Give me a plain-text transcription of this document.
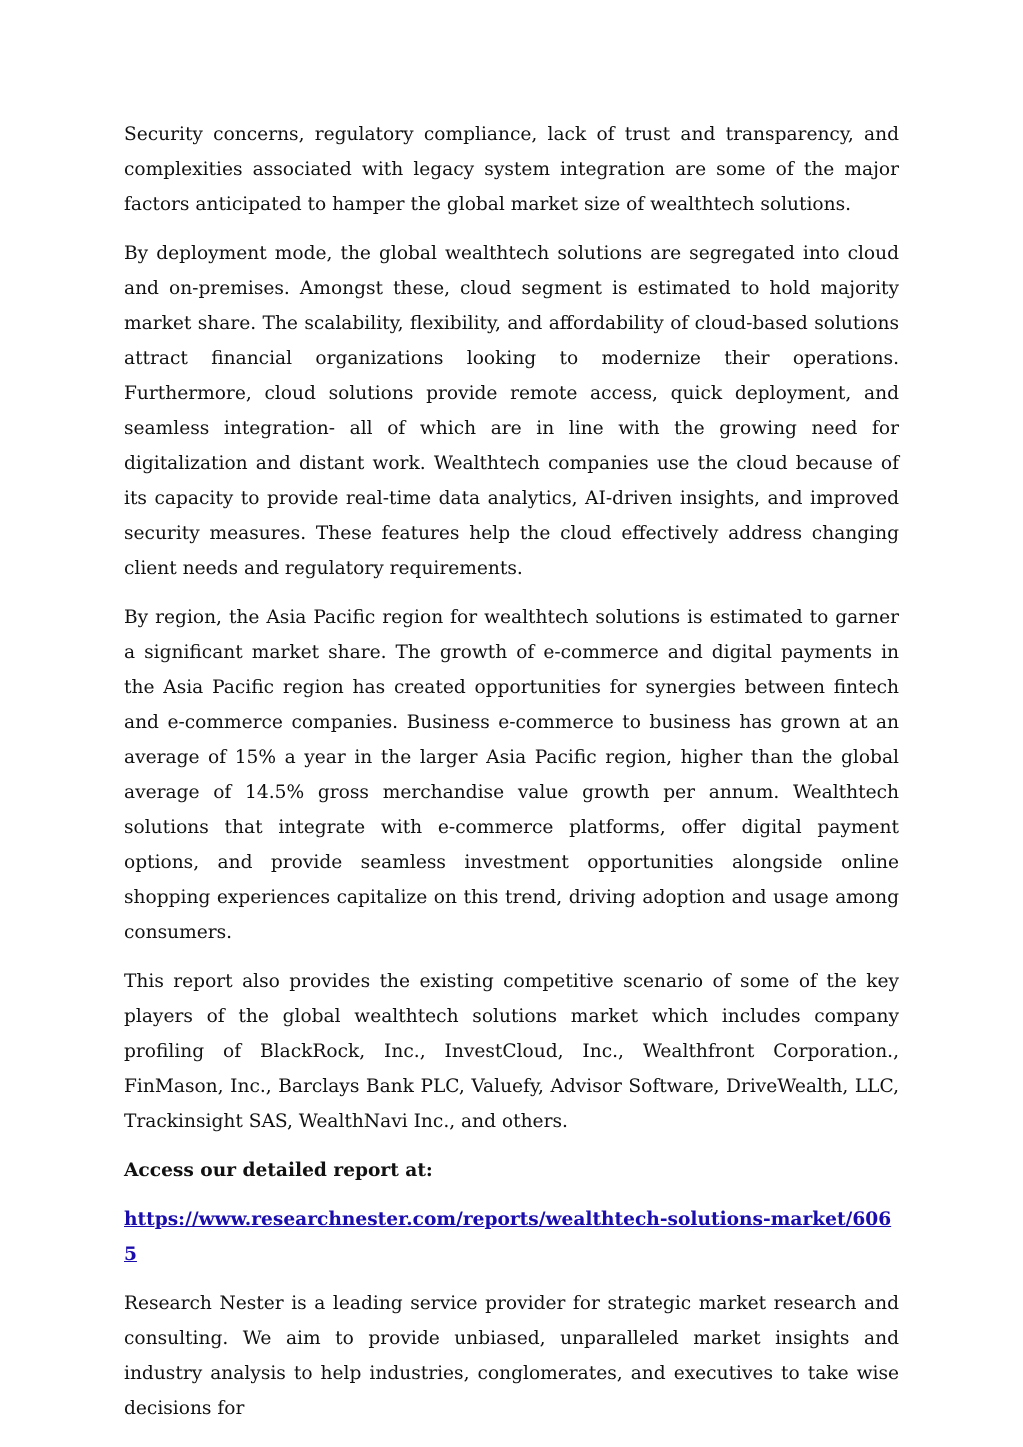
Security concerns, regulatory compliance, lack of trust and transparency, and complexities associated with legacy system integration are some of the major factors anticipated to hamper the global market size of wealthtech solutions.

By deployment mode, the global wealthtech solutions are segregated into cloud and on-premises. Amongst these, cloud segment is estimated to hold majority market share. The scalability, flexibility, and affordability of cloud-based solutions attract financial organizations looking to modernize their operations. Furthermore, cloud solutions provide remote access, quick deployment, and seamless integration- all of which are in line with the growing need for digitalization and distant work. Wealthtech companies use the cloud because of its capacity to provide real-time data analytics, AI-driven insights, and improved security measures. These features help the cloud effectively address changing client needs and regulatory requirements.

By region, the Asia Pacific region for wealthtech solutions is estimated to garner a significant market share. The growth of e-commerce and digital payments in the Asia Pacific region has created opportunities for synergies between fintech and e-commerce companies. Business e-commerce to business has grown at an average of 15% a year in the larger Asia Pacific region, higher than the global average of 14.5% gross merchandise value growth per annum. Wealthtech solutions that integrate with e-commerce platforms, offer digital payment options, and provide seamless investment opportunities alongside online shopping experiences capitalize on this trend, driving adoption and usage among consumers.

This report also provides the existing competitive scenario of some of the key players of the global wealthtech solutions market which includes company profiling of BlackRock, Inc., InvestCloud, Inc., Wealthfront Corporation., FinMason, Inc., Barclays Bank PLC, Valuefy, Advisor Software, DriveWealth, LLC, Trackinsight SAS, WealthNavi Inc., and others.

Access our detailed report at:

https://www.researchnester.com/reports/wealthtech-solutions-market/6065

Research Nester is a leading service provider for strategic market research and consulting. We aim to provide unbiased, unparalleled market insights and industry analysis to help industries, conglomerates, and executives to take wise decisions for
